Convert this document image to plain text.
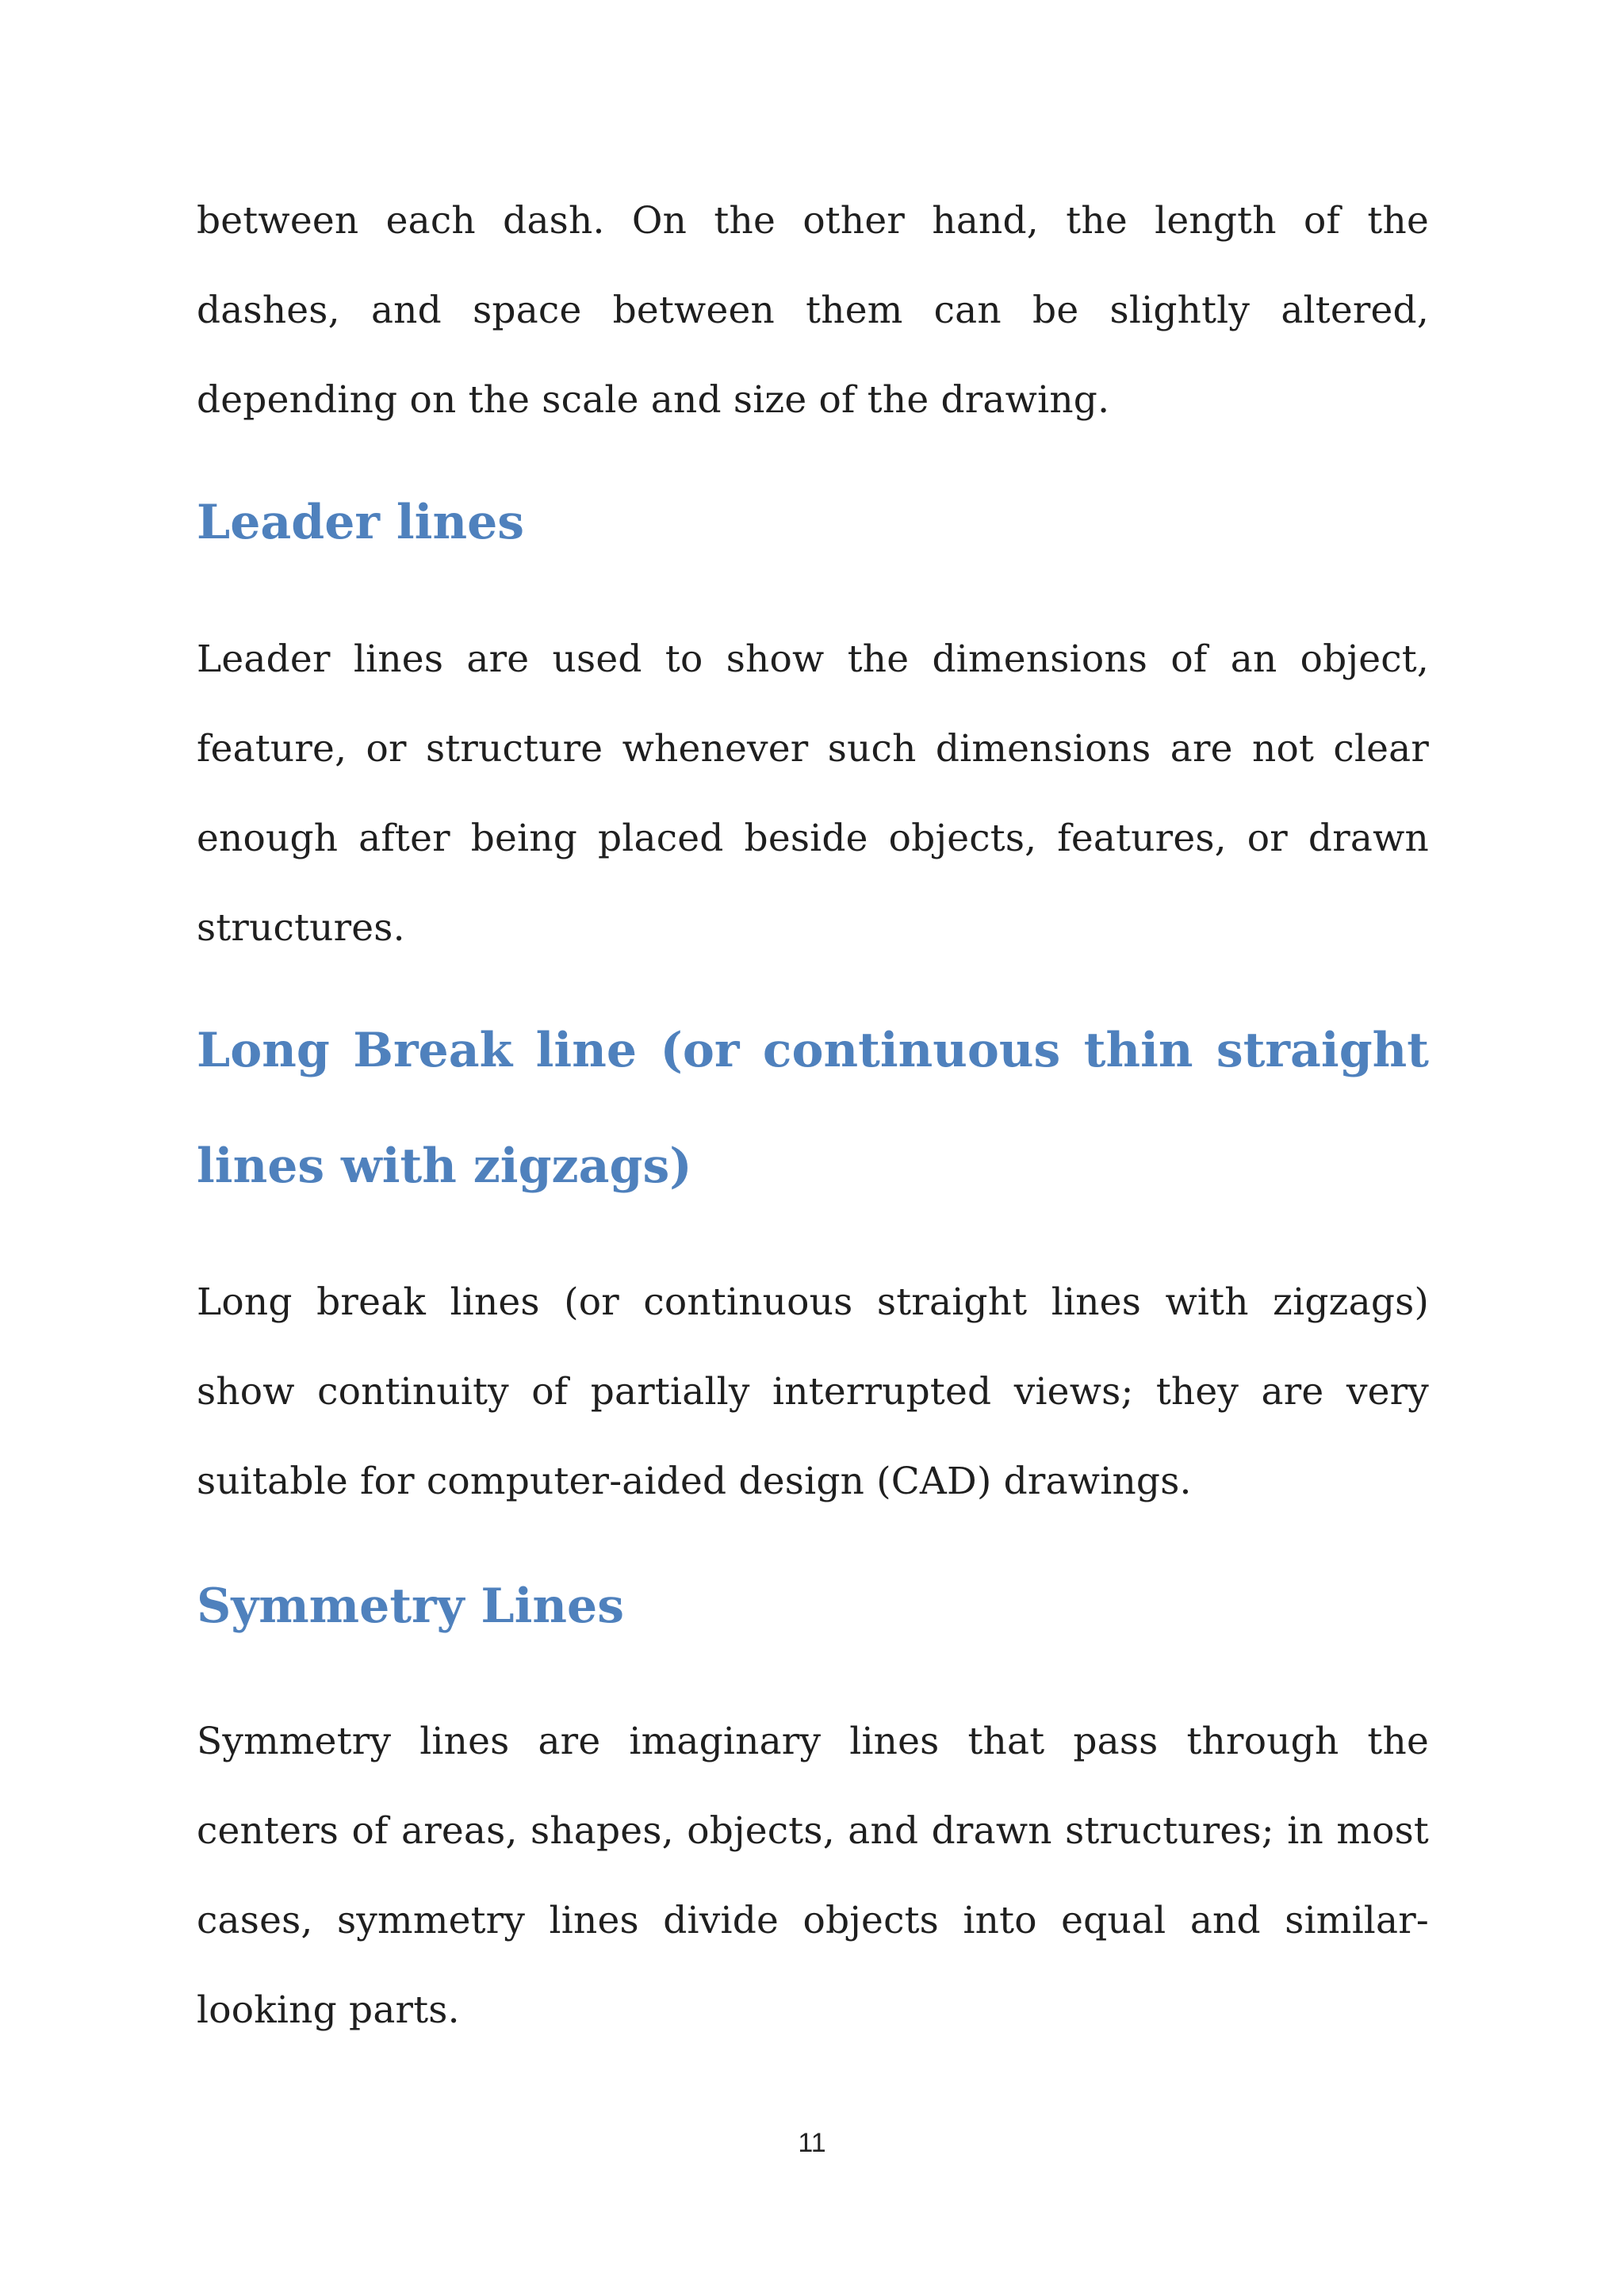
between each dash. On the other hand, the length of the dashes, and space between them can be slightly altered, depending on the scale and size of the drawing.

Leader lines

Leader lines are used to show the dimensions of an object, feature, or structure whenever such dimensions are not clear enough after being placed beside objects, features, or drawn structures.

Long Break line (or continuous thin straight lines with zigzags)

Long break lines (or continuous straight lines with zigzags) show continuity of partially interrupted views; they are very suitable for computer-aided design (CAD) drawings.

Symmetry Lines

Symmetry lines are imaginary lines that pass through the centers of areas, shapes, objects, and drawn structures; in most cases, symmetry lines divide objects into equal and similar-looking parts.

11
